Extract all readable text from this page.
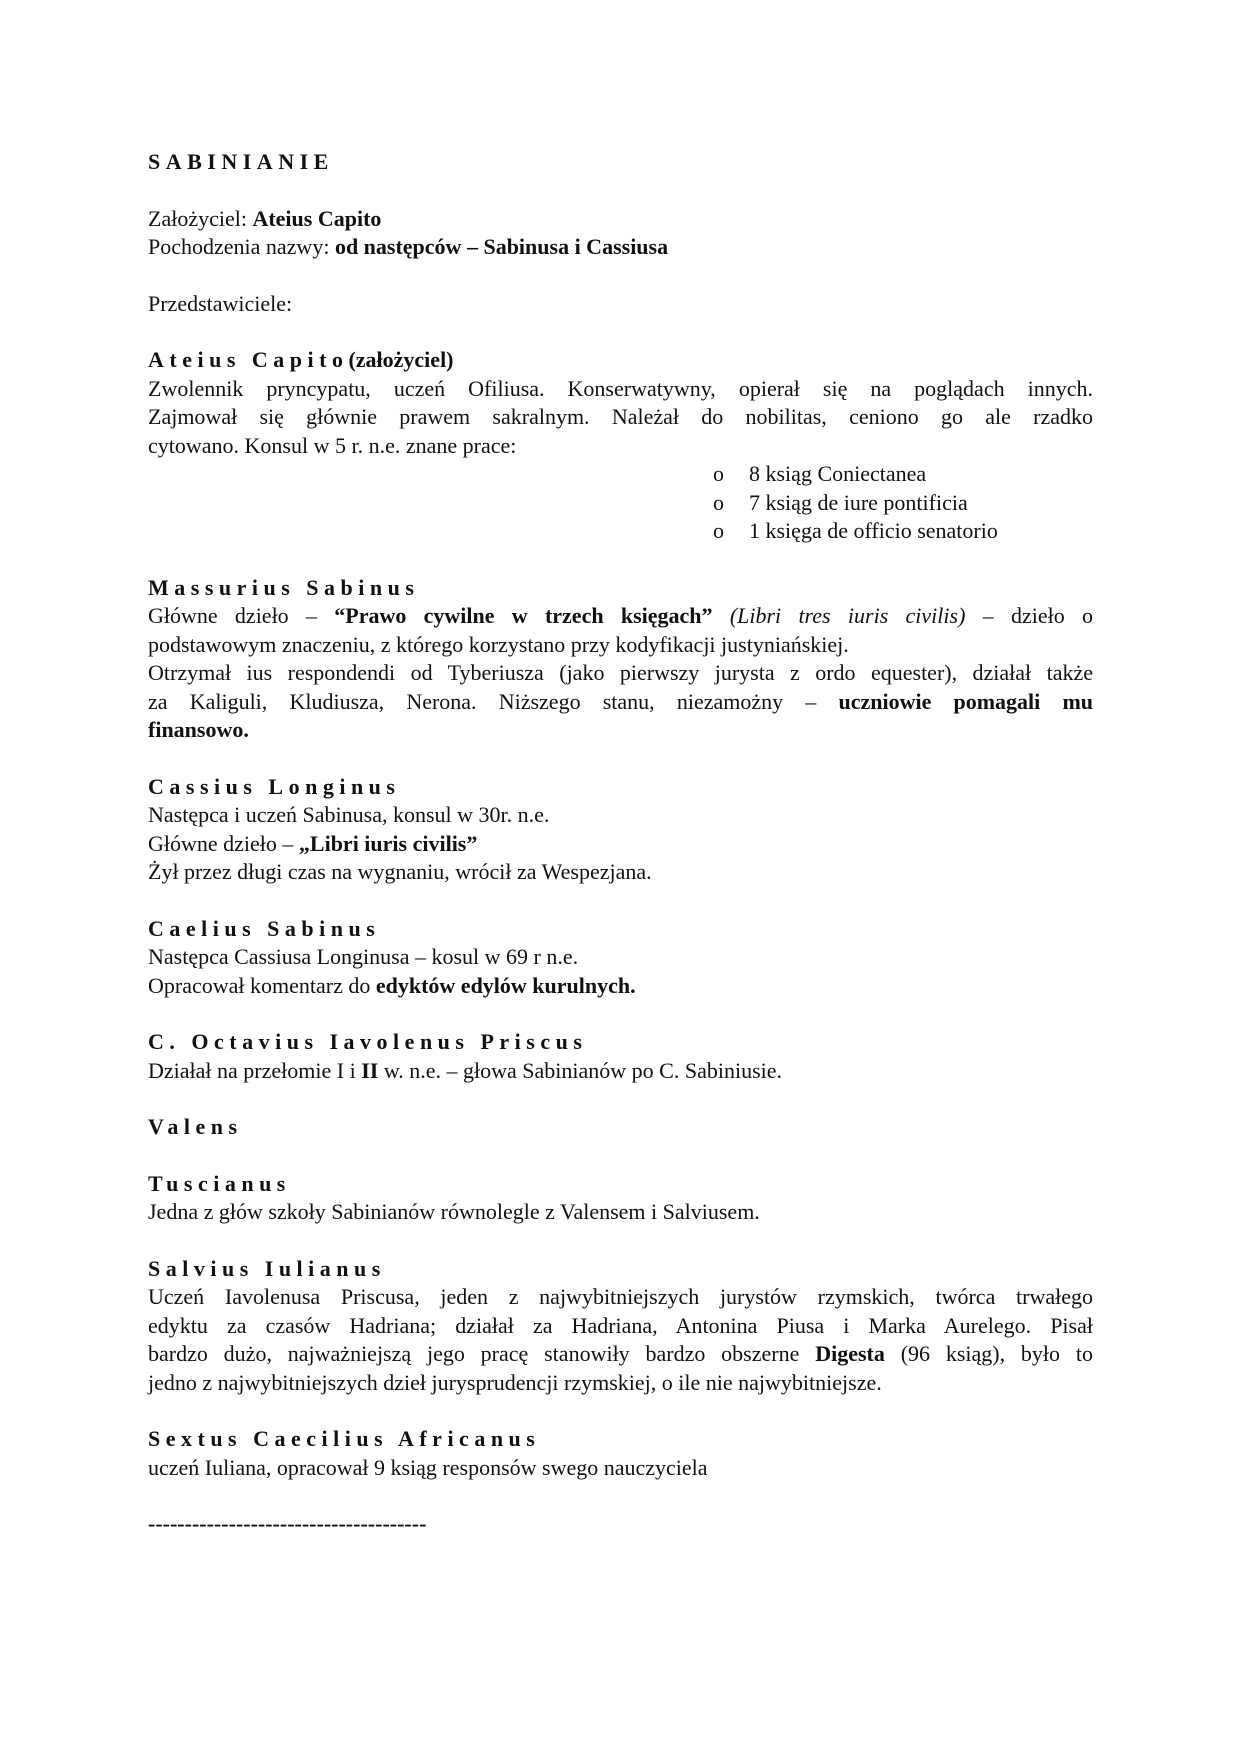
SABINIANIE

Założyciel: Ateius Capito

Pochodzenia nazwy: od następców – Sabinusa i Cassiusa

Przedstawiciele:

Ateius Capito(założyciel)

Zwolennik pryncypatu, uczeń Ofiliusa. Konserwatywny, opierał się na poglądach innych.

Zajmował się głównie prawem sakralnym. Należał do nobilitas, ceniono go ale rzadko

cytowano. Konsul w 5 r. n.e. znane prace:

o 8 ksiąg Coniectanea
o 7 ksiąg de iure pontificia
o 1 księga de officio senatorio

Massurius Sabinus

Główne dzieło – “Prawo cywilne w trzech księgach” (Libri tres iuris civilis) – dzieło o

podstawowym znaczeniu, z którego korzystano przy kodyfikacji justyniańskiej.

Otrzymał ius respondendi od Tyberiusza (jako pierwszy jurysta z ordo equester), działał także

za Kaliguli, Kludiusza, Nerona. Niższego stanu, niezamożny – uczniowie pomagali mu

finansowo.

Cassius Longinus

Następca i uczeń Sabinusa, konsul w 30r. n.e.

Główne dzieło – „Libri iuris civilis”

Żył przez długi czas na wygnaniu, wrócił za Wespezjana.

Caelius Sabinus

Następca Cassiusa Longinusa – kosul w 69 r n.e.

Opracował komentarz do edyktów edylów kurulnych.

C. Octavius Iavolenus Priscus

Działał na przełomie I i II w. n.e. – głowa Sabinianów po C. Sabiniusie.

Valens

Tuscianus

Jedna z głów szkoły Sabinianów równolegle z Valensem i Salviusem.

Salvius Iulianus

Uczeń Iavolenusa Priscusa, jeden z najwybitniejszych jurystów rzymskich, twórca trwałego

edyktu za czasów Hadriana; działał za Hadriana, Antonina Piusa i Marka Aurelego. Pisał

bardzo dużo, najważniejszą jego pracę stanowiły bardzo obszerne Digesta (96 ksiąg), było to

jedno z najwybitniejszych dzieł jurysprudencji rzymskiej, o ile nie najwybitniejsze.

Sextus Caecilius Africanus

uczeń Iuliana, opracował 9 ksiąg responsów swego nauczyciela

--------------------------------------
